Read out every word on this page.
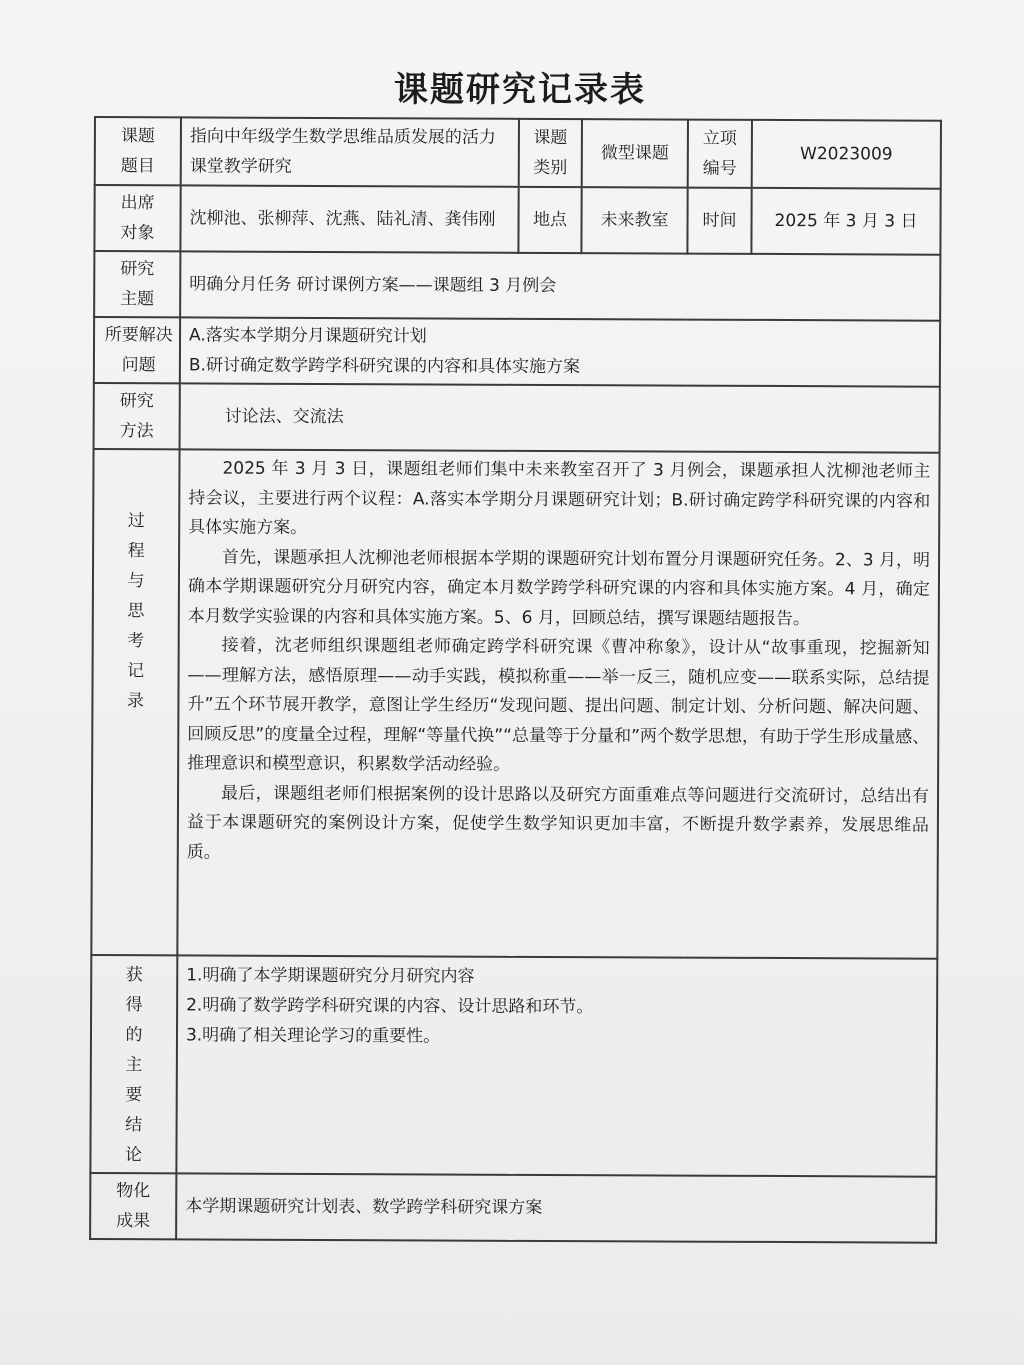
课题研究记录表
课题题目	指向中年级学生数学思维品质发展的活力课堂教学研究	课题类别	微型课题	立项编号	W2023009

出席对象	沈柳池、张柳萍、沈燕、陆礼清、龚伟刚	地点	未来教室	时间	2025 年 3 月 3 日

研究主题	明确分月任务 研讨课例方案——课题组 3 月例会				

所要解决问题	A.落实本学期分月课题研究计划
B.研讨确定数学跨学科研究课的内容和具体实施方案				

研究方法	讨论法、交流法				

过程与思考记录	2025 年 3 月 3 日，课题组老师们集中未来教室召开了 3 月例会，课题承担人沈柳池老师主持会议，主要进行两个议程：A.落实本学期分月课题研究计划；B.研讨确定跨学科研究课的内容和具体实施方案。

首先，课题承担人沈柳池老师根据本学期的课题研究计划布置分月课题研究任务。2、3 月，明确本学期课题研究分月研究内容，确定本月数学跨学科研究课的内容和具体实施方案。4 月，确定本月数学实验课的内容和具体实施方案。5、6 月，回顾总结，撰写课题结题报告。

接着，沈老师组织课题组老师确定跨学科研究课《曹冲称象》，设计从“故事重现，挖掘新知——理解方法，感悟原理——动手实践，模拟称重——举一反三，随机应变——联系实际，总结提升”五个环节展开教学，意图让学生经历“发现问题、提出问题、制定计划、分析问题、解决问题、回顾反思”的度量全过程，理解“等量代换”“总量等于分量和”两个数学思想，有助于学生形成量感、推理意识和模型意识，积累数学活动经验。

最后，课题组老师们根据案例的设计思路以及研究方面重难点等问题进行交流研讨，总结出有益于本课题研究的案例设计方案，促使学生数学知识更加丰富，不断提升数学素养，发展思维品质。				

获得的主要结论	1.明确了本学期课题研究分月研究内容
2.明确了数学跨学科研究课的内容、设计思路和环节。
3.明确了相关理论学习的重要性。				

物化成果	本学期课题研究计划表、数学跨学科研究课方案				
